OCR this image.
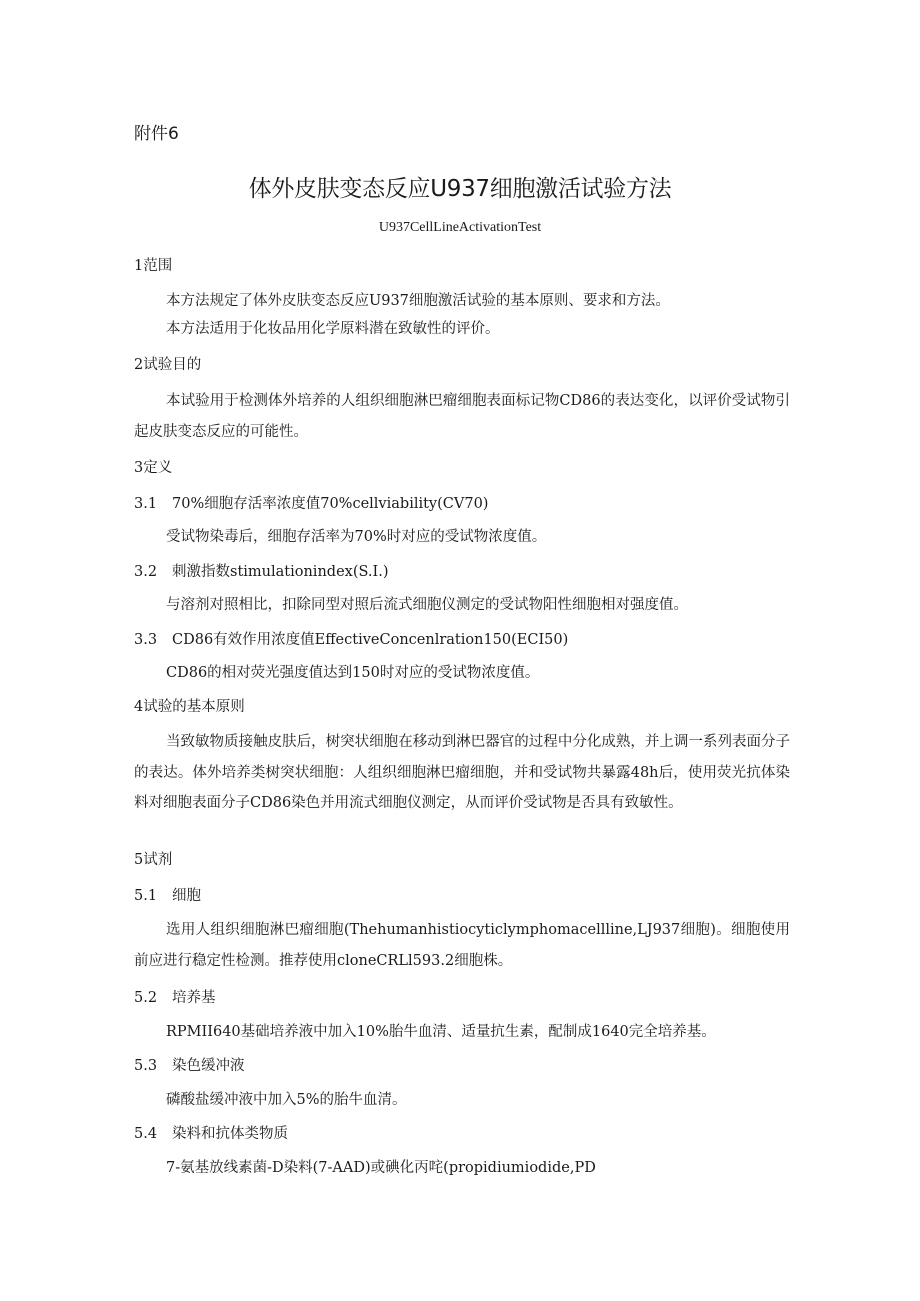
附件6
体外皮肤变态反应U937细胞激活试验方法
U937CellLineActivationTest
1范围
本方法规定了体外皮肤变态反应U937细胞激活试验的基本原则、要求和方法。
本方法适用于化妆品用化学原料潜在致敏性的评价。
2试验目的
本试验用于检测体外培养的人组织细胞淋巴瘤细胞表面标记物CD86的表达变化，以评价受试物引起皮肤变态反应的可能性。
3定义
3.1 70%细胞存活率浓度值70%cellviability(CV70)
受试物染毒后，细胞存活率为70%时对应的受试物浓度值。
3.2 刺激指数stimulationindex(S.I.)
与溶剂对照相比，扣除同型对照后流式细胞仪测定的受试物阳性细胞相对强度值。
3.3 CD86有效作用浓度值EffectiveConcenlration150(ECI50)
CD86的相对荧光强度值达到150时对应的受试物浓度值。
4试验的基本原则
当致敏物质接触皮肤后，树突状细胞在移动到淋巴器官的过程中分化成熟，并上调一系列表面分子的表达。体外培养类树突状细胞：人组织细胞淋巴瘤细胞，并和受试物共暴露48h后，使用荧光抗体染料对细胞表面分子CD86染色并用流式细胞仪测定，从而评价受试物是否具有致敏性。
5试剂
5.1 细胞
选用人组织细胞淋巴瘤细胞(Thehumanhistiocyticlymphomacellline,LJ937细胞)。细胞使用前应进行稳定性检测。推荐使用cloneCRLl593.2细胞株。
5.2 培养基
RPMII640基础培养液中加入10%胎牛血清、适量抗生素，配制成1640完全培养基。
5.3 染色缓冲液
磷酸盐缓冲液中加入5%的胎牛血清。
5.4 染料和抗体类物质
7-氨基放线素菌-D染料(7-AAD)或碘化丙咤(propidiumiodide,PD
